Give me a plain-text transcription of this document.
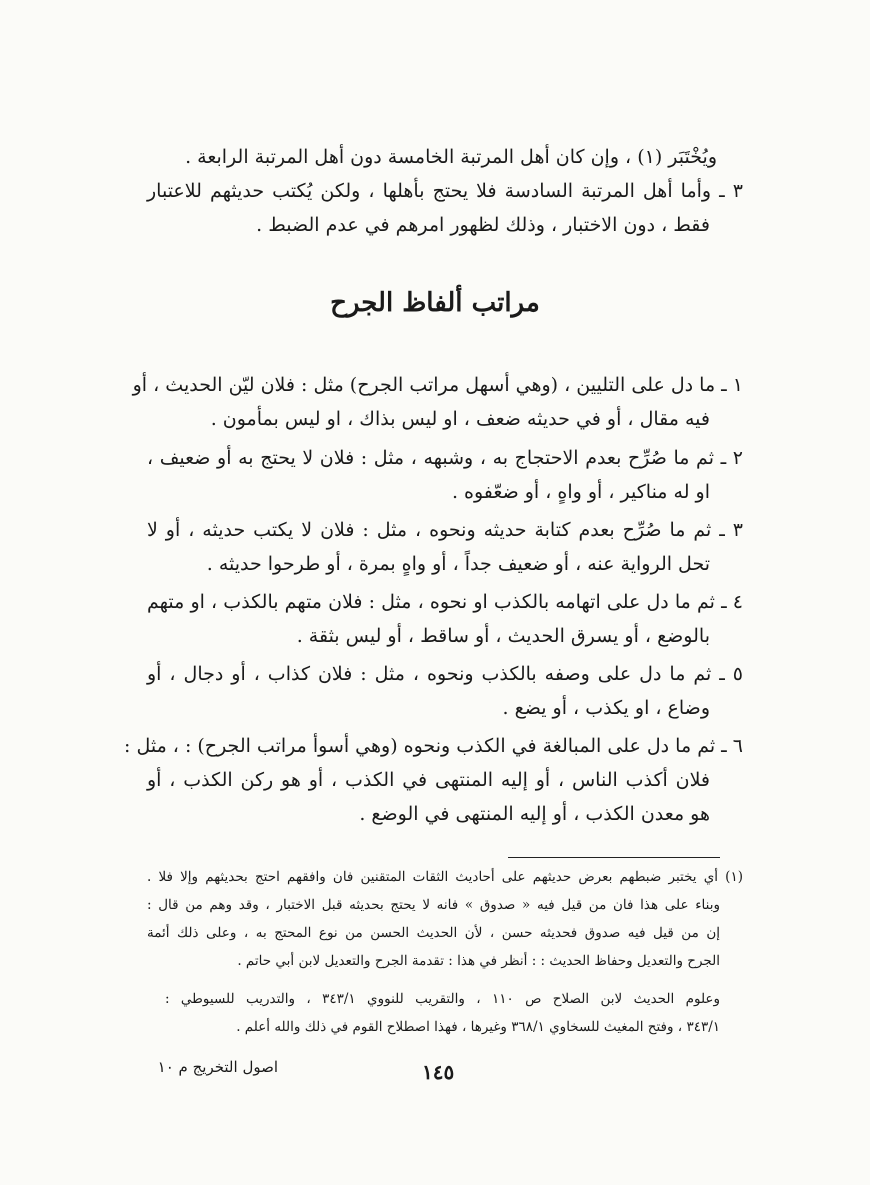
ويُخْتَبَر (١) ، وإن كان أهل المرتبة الخامسة دون أهل المرتبة الرابعة .
٣ ـ وأما أهل المرتبة السادسة فلا يحتج بأهلها ، ولكن يُكتب حديثهم للاعتبار
فقط ، دون الاختبار ، وذلك لظهور امرهم في عدم الضبط .
مراتب ألفاظ الجرح
١ ـ ما دل على التليين ، (وهي أسهل مراتب الجرح) مثل : فلان ليّن الحديث ، أو
فيه مقال ، أو في حديثه ضعف ، او ليس بذاك ، او ليس بمأمون .
٢ ـ ثم ما صُرِّح بعدم الاحتجاج به ، وشبهه ، مثل : فلان لا يحتج به أو ضعيف ،
او له مناكير ، أو واهٍ ، أو ضعّفوه .
٣ ـ ثم ما صُرِّح بعدم كتابة حديثه ونحوه ، مثل : فلان لا يكتب حديثه ، أو لا
تحل الرواية عنه ، أو ضعيف جداً ، أو واهٍ بمرة ، أو طرحوا حديثه .
٤ ـ ثم ما دل على اتهامه بالكذب او نحوه ، مثل : فلان متهم بالكذب ، او متهم
بالوضع ، أو يسرق الحديث ، أو ساقط ، أو ليس بثقة .
٥ ـ ثم ما دل على وصفه بالكذب ونحوه ، مثل : فلان كذاب ، أو دجال ، أو
وضاع ، او يكذب ، أو يضع .
٦ ـ ثم ما دل على المبالغة في الكذب ونحوه (وهي أسوأ مراتب الجرح) : ، مثل :
فلان أكذب الناس ، أو إليه المنتهى في الكذب ، أو هو ركن الكذب ، أو
هو معدن الكذب ، أو إليه المنتهى في الوضع .
(١) أي يختبر ضبطهم بعرض حديثهم على أحاديث الثقات المتقنين فان وافقهم احتج بحديثهم وإلا فلا .
وبناء على هذا فان من قيل فيه « صدوق » فانه لا يحتج بحديثه قبل الاختبار ، وقد وهم من قال :
إن من قيل فيه صدوق فحديثه حسن ، لأن الحديث الحسن من نوع المحتج به ، وعلى ذلك أئمة
الجرح والتعديل وحفاظ الحديث : : أنظر في هذا : تقدمة الجرح والتعديل لابن أبي حاتم .
وعلوم الحديث لابن الصلاح ص ١١٠ ، والتقريب للنووي ٣٤٣/١ ، والتدريب للسيوطي :
٣٤٣/١ ، وفتح المغيث للسخاوي ٣٦٨/١ وغيرها ، فهذا اصطلاح القوم في ذلك والله أعلم .
اصول التخريج م ١٠	١٤٥
